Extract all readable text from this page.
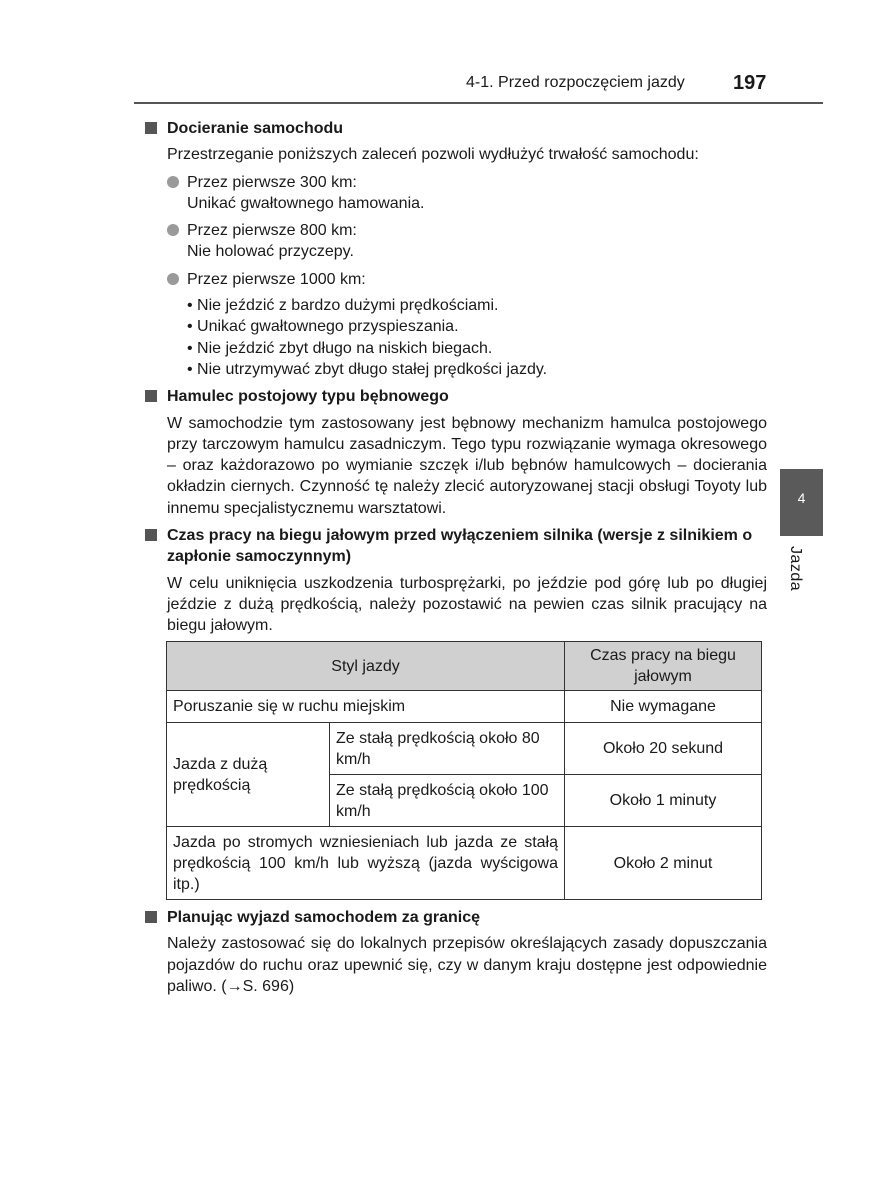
4-1. Przed rozpoczęciem jazdy 197
4
Jazda
Docieranie samochodu

Przestrzeganie poniższych zaleceń pozwoli wydłużyć trwałość samochodu:

Przez pierwsze 300 km:
Unikać gwałtownego hamowania.
Przez pierwsze 800 km:
Nie holować przyczepy.
Przez pierwsze 1000 km:
• Nie jeździć z bardzo dużymi prędkościami.
• Unikać gwałtownego przyspieszania.
• Nie jeździć zbyt długo na niskich biegach.
• Nie utrzymywać zbyt długo stałej prędkości jazdy.
Hamulec postojowy typu bębnowego

W samochodzie tym zastosowany jest bębnowy mechanizm hamulca postojowego przy tarczowym hamulcu zasadniczym. Tego typu rozwiązanie wymaga okresowego – oraz każdorazowo po wymianie szczęk i/lub bębnów hamulcowych – docierania okładzin ciernych. Czynność tę należy zlecić autoryzowanej stacji obsługi Toyoty lub innemu specjalistycznemu warsztatowi.

Czas pracy na biegu jałowym przed wyłączeniem silnika (wersje z silnikiem o zapłonie samoczynnym)

W celu uniknięcia uszkodzenia turbosprężarki, po jeździe pod górę lub po długiej jeździe z dużą prędkością, należy pozostawić na pewien czas silnik pracujący na biegu jałowym.

Styl jazdy		Czas pracy na biegu jałowym
Poruszanie się w ruchu miejskim		Nie wymagane
Jazda z dużą prędkością	Ze stałą prędkością około 80 km/h	Około 20 sekund
	Ze stałą prędkością około 100 km/h	Około 1 minuty
Jazda po stromych wzniesieniach lub jazda ze stałą prędkością 100 km/h lub wyższą (jazda wyścigowa itp.)		Około 2 minut
Planując wyjazd samochodem za granicę

Należy zastosować się do lokalnych przepisów określających zasady dopuszczania pojazdów do ruchu oraz upewnić się, czy w danym kraju dostępne jest odpowiednie paliwo. (→S. 696)
